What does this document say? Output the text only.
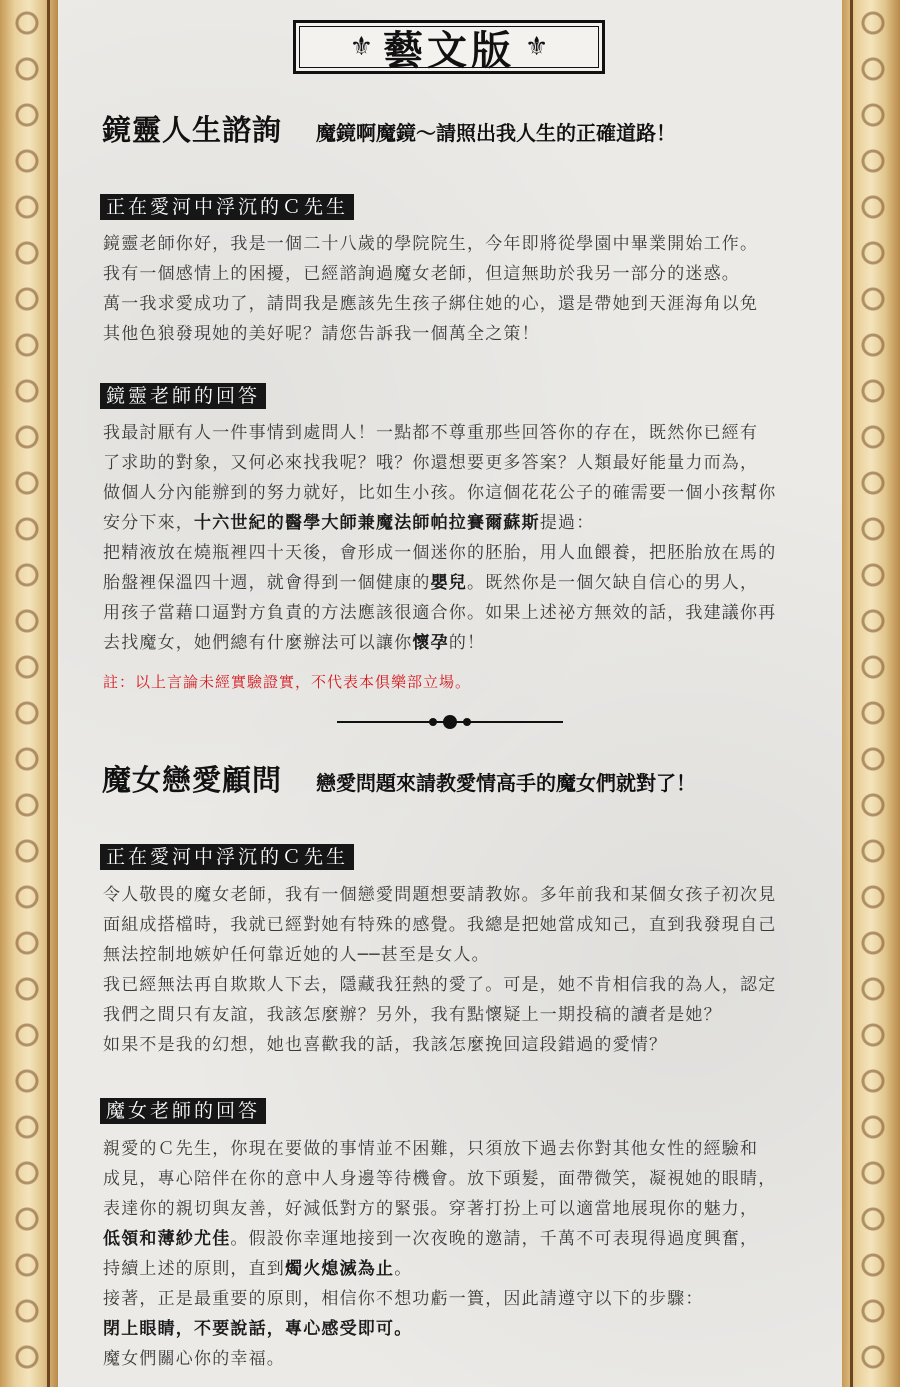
⚜ 藝文版 ⚜
鏡靈人生諮詢 魔鏡啊魔鏡～請照出我人生的正確道路！
正在愛河中浮沉的Ｃ先生
鏡靈老師你好，我是一個二十八歲的學院院生，今年即將從學園中畢業開始工作。
我有一個感情上的困擾，已經諮詢過魔女老師，但這無助於我另一部分的迷惑。
萬一我求愛成功了，請問我是應該先生孩子綁住她的心，還是帶她到天涯海角以免
其他色狼發現她的美好呢？請您告訴我一個萬全之策！
鏡靈老師的回答
我最討厭有人一件事情到處問人！一點都不尊重那些回答你的存在，既然你已經有
了求助的對象，又何必來找我呢？哦？你還想要更多答案？人類最好能量力而為，
做個人分內能辦到的努力就好，比如生小孩。你這個花花公子的確需要一個小孩幫你
安分下來，十六世紀的醫學大師兼魔法師帕拉賽爾蘇斯提過：
把精液放在燒瓶裡四十天後，會形成一個迷你的胚胎，用人血餵養，把胚胎放在馬的
胎盤裡保溫四十週，就會得到一個健康的嬰兒。既然你是一個欠缺自信心的男人，
用孩子當藉口逼對方負責的方法應該很適合你。如果上述祕方無效的話，我建議你再
去找魔女，她們總有什麼辦法可以讓你懷孕的！
註：以上言論未經實驗證實，不代表本俱樂部立場。
魔女戀愛顧問 戀愛問題來請教愛情高手的魔女們就對了！
正在愛河中浮沉的Ｃ先生
令人敬畏的魔女老師，我有一個戀愛問題想要請教妳。多年前我和某個女孩子初次見
面組成搭檔時，我就已經對她有特殊的感覺。我總是把她當成知己，直到我發現自己
無法控制地嫉妒任何靠近她的人──甚至是女人。
我已經無法再自欺欺人下去，隱藏我狂熱的愛了。可是，她不肯相信我的為人，認定
我們之間只有友誼，我該怎麼辦？另外，我有點懷疑上一期投稿的讀者是她？
如果不是我的幻想，她也喜歡我的話，我該怎麼挽回這段錯過的愛情？
魔女老師的回答
親愛的Ｃ先生，你現在要做的事情並不困難，只須放下過去你對其他女性的經驗和
成見，專心陪伴在你的意中人身邊等待機會。放下頭髮，面帶微笑，凝視她的眼睛，
表達你的親切與友善，好減低對方的緊張。穿著打扮上可以適當地展現你的魅力，
低領和薄紗尤佳。假設你幸運地接到一次夜晚的邀請，千萬不可表現得過度興奮，
持續上述的原則，直到燭火熄滅為止。
接著，正是最重要的原則，相信你不想功虧一簣，因此請遵守以下的步驟：
閉上眼睛，不要說話，專心感受即可。
魔女們關心你的幸福。
